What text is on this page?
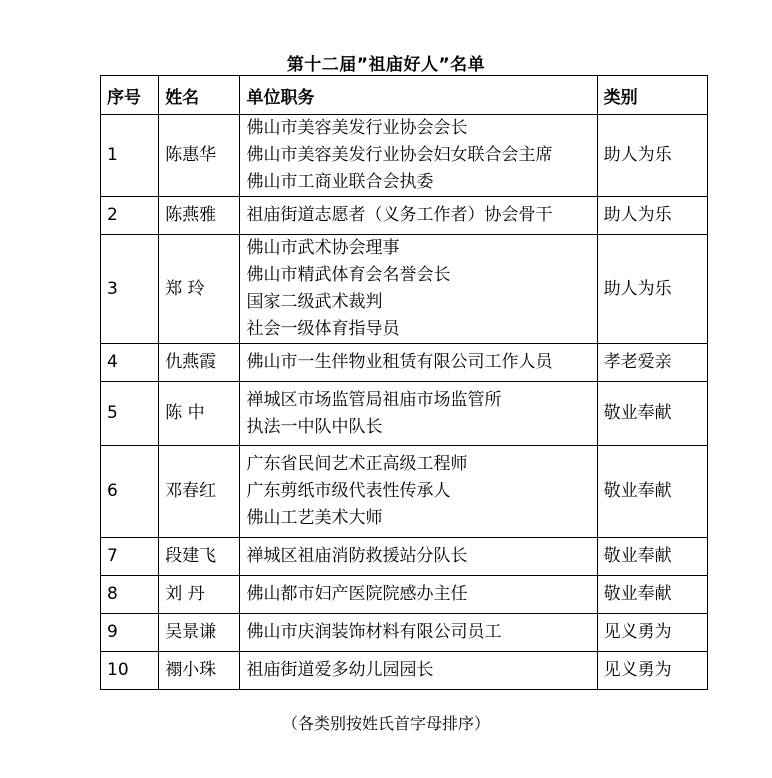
第十二届”祖庙好人”名单
序号	姓名	单位职务	类别
1	陈惠华	佛山市美容美发行业协会会长
佛山市美容美发行业协会妇女联合会主席
佛山市工商业联合会执委	助人为乐
2	陈燕雅	祖庙街道志愿者（义务工作者）协会骨干	助人为乐
3	郑 玲	佛山市武术协会理事
佛山市精武体育会名誉会长
国家二级武术裁判
社会一级体育指导员	助人为乐
4	仇燕霞	佛山市一生伴物业租赁有限公司工作人员	孝老爱亲
5	陈 中	禅城区市场监管局祖庙市场监管所
执法一中队中队长	敬业奉献
6	邓春红	广东省民间艺术正高级工程师
广东剪纸市级代表性传承人
佛山工艺美术大师	敬业奉献
7	段建飞	禅城区祖庙消防救援站分队长	敬业奉献
8	刘 丹	佛山都市妇产医院院感办主任	敬业奉献
9	吴景谦	佛山市庆润装饰材料有限公司员工	见义勇为
10	禤小珠	祖庙街道爱多幼儿园园长	见义勇为
（各类别按姓氏首字母排序）
